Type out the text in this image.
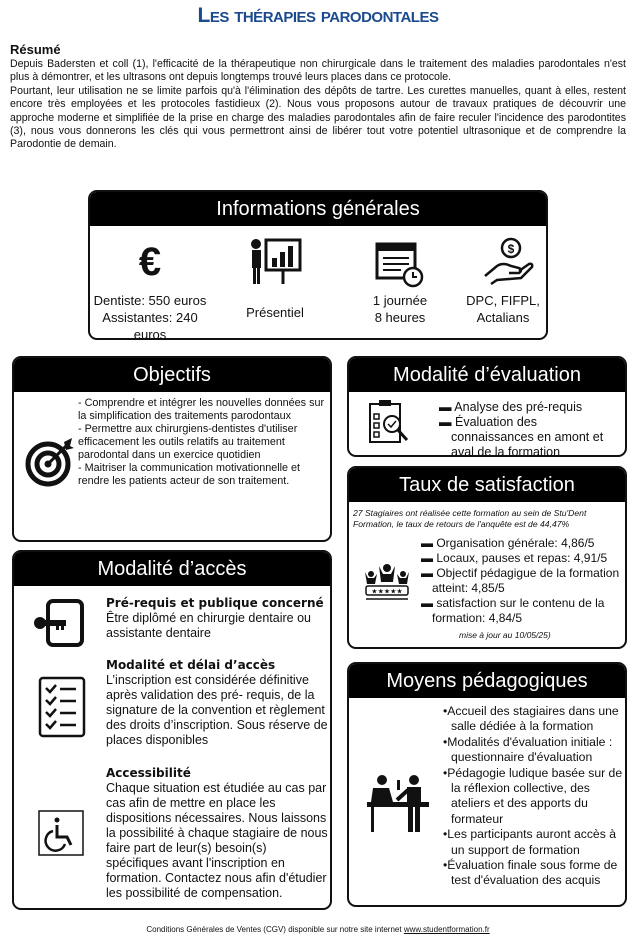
Les thérapies parodontales
Résumé

Depuis Badersten et coll (1), l'efficacité de la thérapeutique non chirurgicale dans le traitement des maladies parodontales n'est plus à démontrer, et les ultrasons ont depuis longtemps trouvé leurs places dans ce protocole.

Pourtant, leur utilisation ne se limite parfois qu'à l'élimination des dépôts de tartre. Les curettes manuelles, quant à elles, restent encore très employées et les protocoles fastidieux (2). Nous vous proposons autour de travaux pratiques de découvrir une approche moderne et simplifiée de la prise en charge des maladies parodontales afin de faire reculer l'incidence des parodontites (3), nous vous donnerons les clés qui vous permettront ainsi de libérer tout votre potentiel ultrasonique et de comprendre la Parodontie de demain.

Informations générales
€
Dentiste: 550 euros
Assistantes: 240 euros
Présentiel
1 journée
8 heures
$
DPC, FIFPL,
Actalians
Objectifs
- Comprendre et intégrer les nouvelles données sur la simplification des traitements parodontaux
- Permettre aux chirurgiens-dentistes d'utiliser efficacement les outils relatifs au traitement parodontal dans un exercice quotidien
- Maitriser la communication motivationnelle et rendre les patients acteur de son traitement.
Modalité d’évaluation
▬ Analyse des pré-requis
▬ Évaluation des connaissances en amont et aval de la formation
Taux de satisfaction
27 Stagiaires ont réalisée cette formation au sein de Stu'Dent Formation, le taux de retours de l'anquête est de 44,47%
★★★★★
▬ Organisation générale: 4,86/5
▬ Locaux, pauses et repas: 4,91/5
▬ Objectif pédagigue de la formation atteint: 4,85/5
▬ satisfaction sur le contenu de la formation: 4,84/5
mise à jour au 10/05/25)
Modalité d’accès
Pré-requis et publique concerné
Être diplômé en chirurgie dentaire ou assistante dentaire
Modalité et délai d’accès
L’inscription est considérée définitive après validation des pré- requis, de la signature de la convention et règlement des droits d’inscription. Sous réserve de places disponibles
Accessibilité
Chaque situation est étudiée au cas par cas afin de mettre en place les dispositions nécessaires. Nous laissons la possibilité à chaque stagiaire de nous faire part de leur(s) besoin(s) spécifiques avant l'inscription en formation. Contactez nous afin d'étudier les possibilité de compensation.
Moyens pédagogiques
•Accueil des stagiaires dans une salle dédiée à la formation
•Modalités d'évaluation initiale : questionnaire d'évaluation
•Pédagogie ludique basée sur de la réflexion collective, des ateliers et des apports du formateur
•Les participants auront accès à un support de formation
•Évaluation finale sous forme de test d'évaluation des acquis
Conditions Générales de Ventes (CGV) disponible sur notre site internet www.studentformation.fr
